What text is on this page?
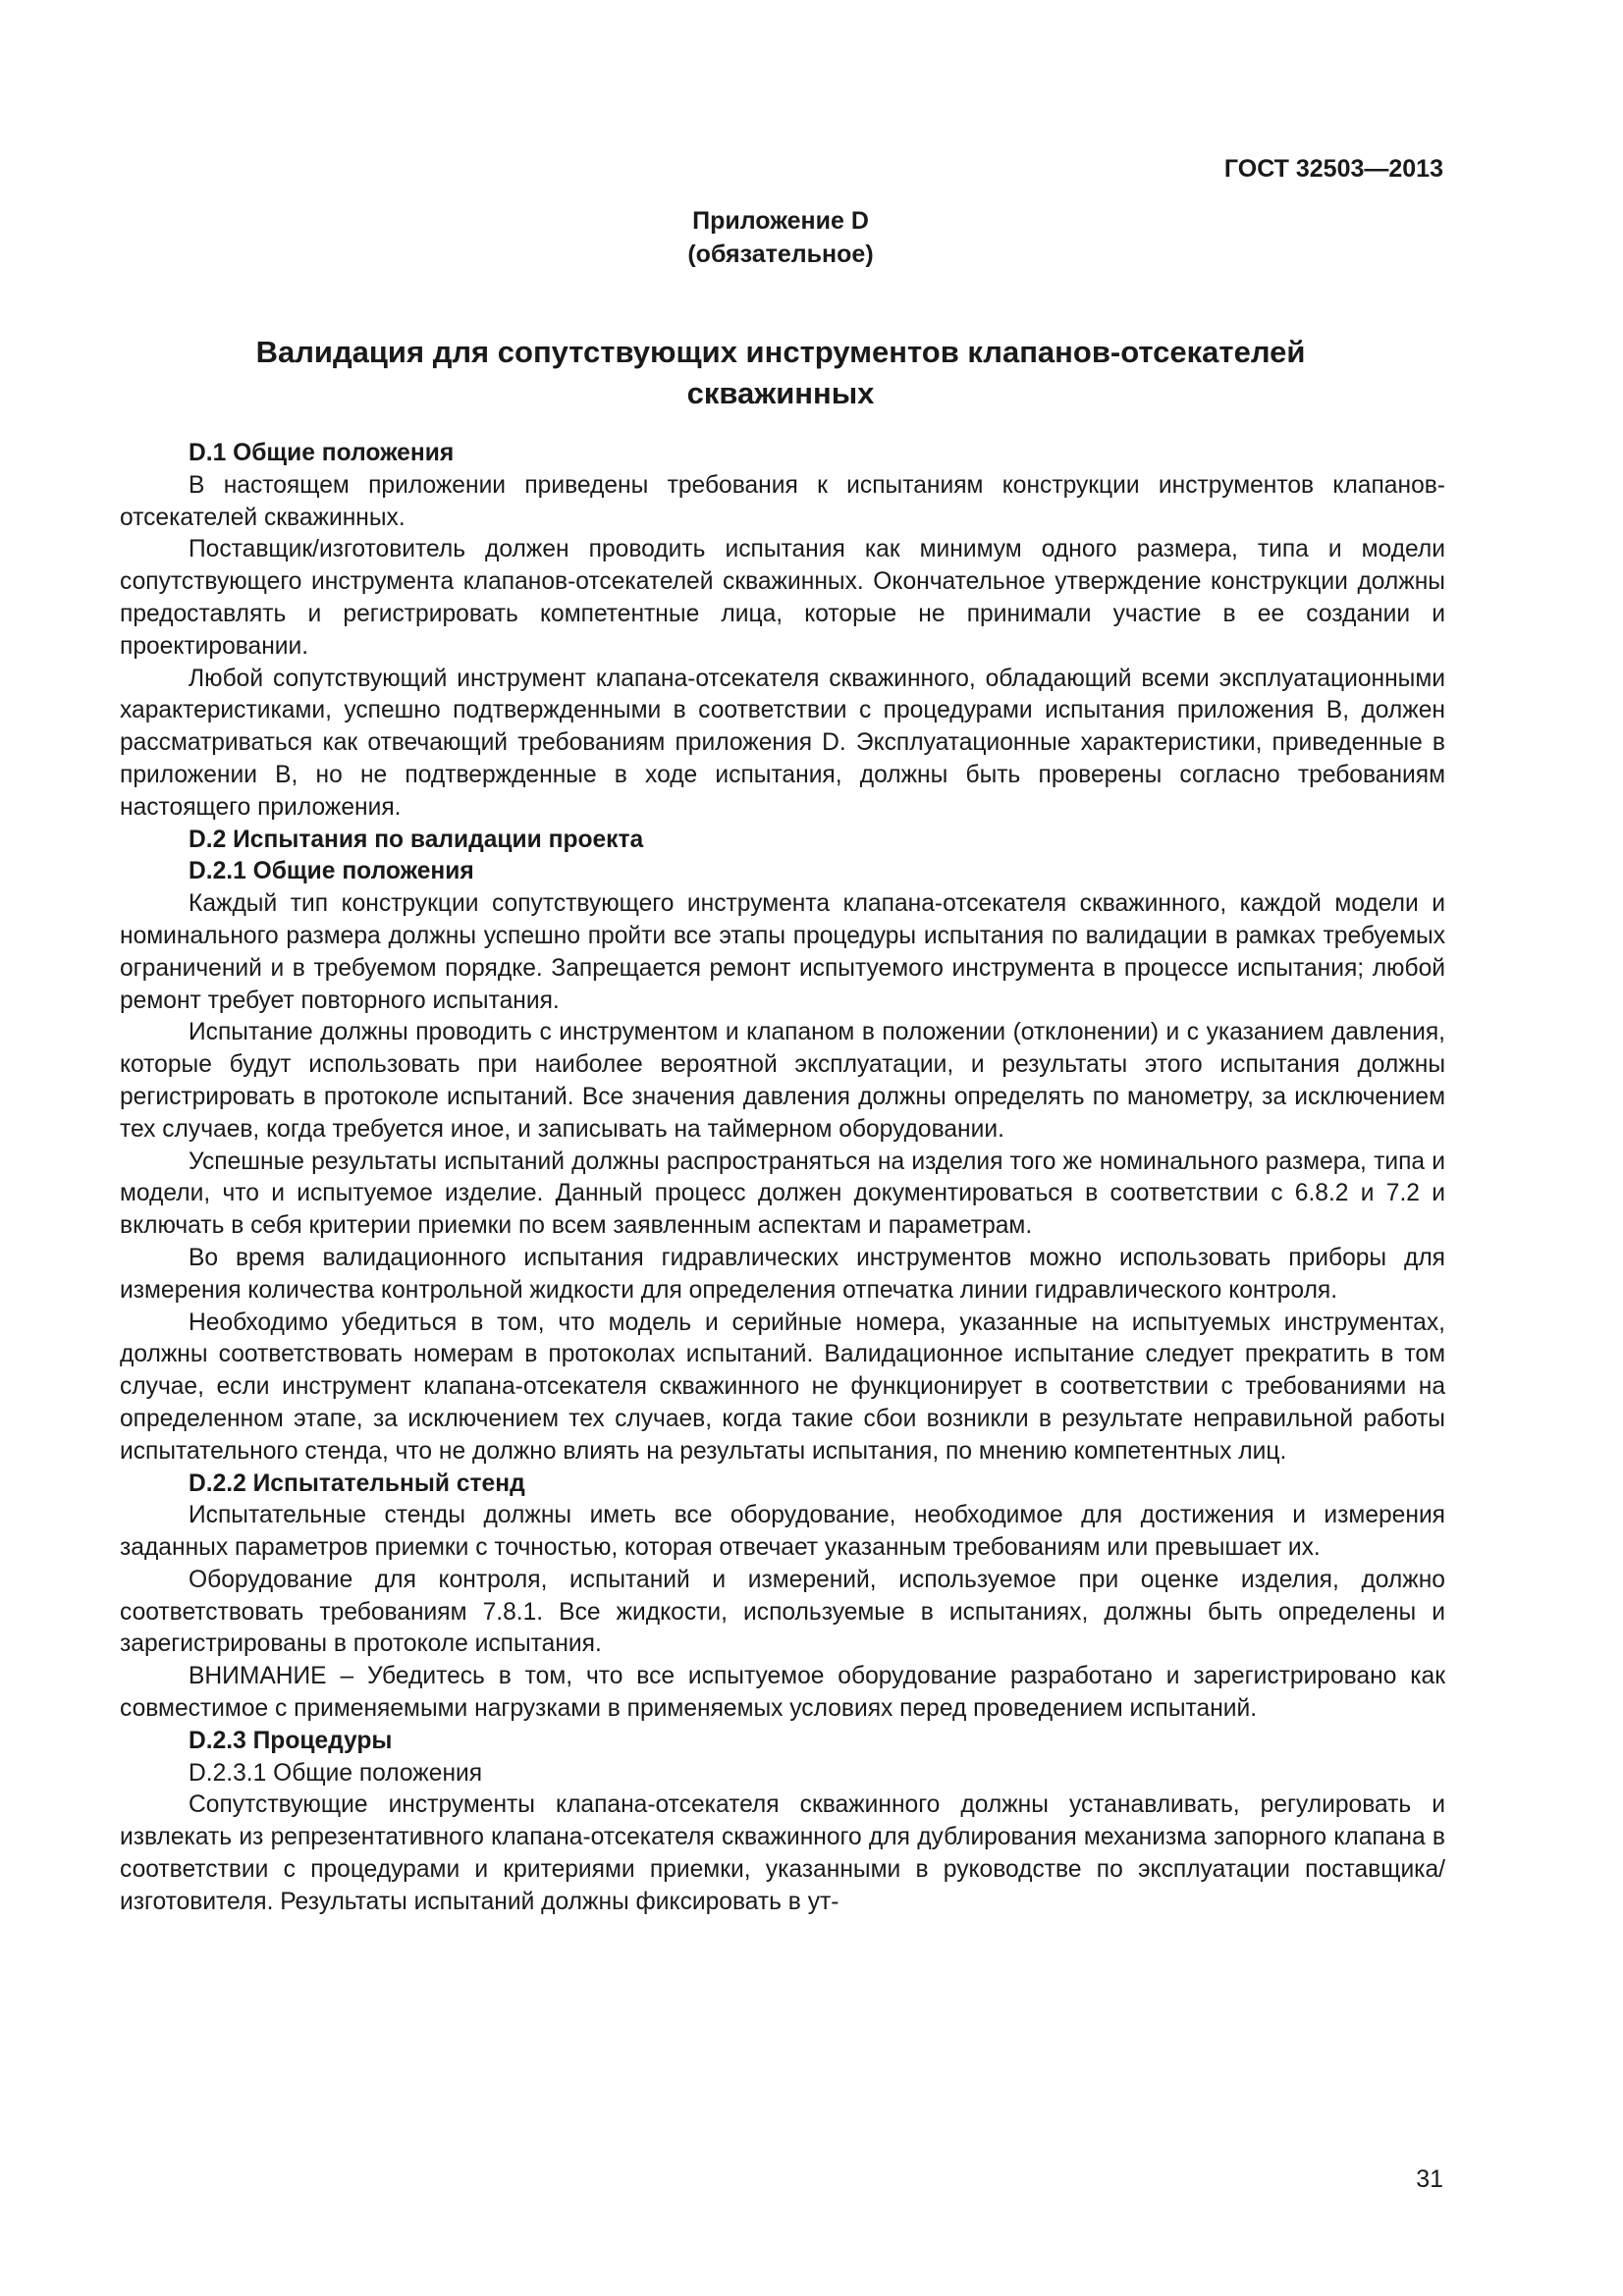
ГОСТ 32503—2013
Приложение D
(обязательное)
Валидация для сопутствующих инструментов клапанов-отсекателей
скважинных
D.1 Общие положения
В настоящем приложении приведены требования к испытаниям конструкции инструментов клапанов-отсекателей скважинных.
Поставщик/изготовитель должен проводить испытания как минимум одного размера, типа и модели сопутствующего инструмента клапанов-отсекателей скважинных. Окончательное утверждение конструкции должны предоставлять и регистрировать компетентные лица, которые не принимали участие в ее создании и проектировании.
Любой сопутствующий инструмент клапана-отсекателя скважинного, обладающий всеми эксплуатационными характеристиками, успешно подтвержденными в соответствии с процедурами испытания приложения В, должен рассматриваться как отвечающий требованиям приложения D. Эксплуатационные характеристики, приведенные в приложении В, но не подтвержденные в ходе испытания, должны быть проверены согласно требованиям настоящего приложения.
D.2 Испытания по валидации проекта
D.2.1 Общие положения
Каждый тип конструкции сопутствующего инструмента клапана-отсекателя скважинного, каждой модели и номинального размера должны успешно пройти все этапы процедуры испытания по валидации в рамках требуемых ограничений и в требуемом порядке. Запрещается ремонт испытуемого инструмента в процессе испытания; любой ремонт требует повторного испытания.
Испытание должны проводить с инструментом и клапаном в положении (отклонении) и с указанием давления, которые будут использовать при наиболее вероятной эксплуатации, и результаты этого испытания должны регистрировать в протоколе испытаний. Все значения давления должны определять по манометру, за исключением тех случаев, когда требуется иное, и записывать на таймерном оборудовании.
Успешные результаты испытаний должны распространяться на изделия того же номинального размера, типа и модели, что и испытуемое изделие. Данный процесс должен документироваться в соответствии с 6.8.2 и 7.2 и включать в себя критерии приемки по всем заявленным аспектам и параметрам.
Во время валидационного испытания гидравлических инструментов можно использовать приборы для измерения количества контрольной жидкости для определения отпечатка линии гидравлического контроля.
Необходимо убедиться в том, что модель и серийные номера, указанные на испытуемых инструментах, должны соответствовать номерам в протоколах испытаний. Валидационное испытание следует прекратить в том случае, если инструмент клапана-отсекателя скважинного не функционирует в соответствии с требованиями на определенном этапе, за исключением тех случаев, когда такие сбои возникли в результате неправильной работы испытательного стенда, что не должно влиять на результаты испытания, по мнению компетентных лиц.
D.2.2 Испытательный стенд
Испытательные стенды должны иметь все оборудование, необходимое для достижения и измерения заданных параметров приемки с точностью, которая отвечает указанным требованиям или превышает их.
Оборудование для контроля, испытаний и измерений, используемое при оценке изделия, должно соответствовать требованиям 7.8.1. Все жидкости, используемые в испытаниях, должны быть определены и зарегистрированы в протоколе испытания.
ВНИМАНИЕ – Убедитесь в том, что все испытуемое оборудование разработано и зарегистрировано как совместимое с применяемыми нагрузками в применяемых условиях перед проведением испытаний.
D.2.3 Процедуры
D.2.3.1 Общие положения
Сопутствующие инструменты клапана-отсекателя скважинного должны устанавливать, регулировать и извлекать из репрезентативного клапана-отсекателя скважинного для дублирования механизма запорного клапана в соответствии с процедурами и критериями приемки, указанными в руководстве по эксплуатации поставщика/изготовителя. Результаты испытаний должны фиксировать в ут-
31
